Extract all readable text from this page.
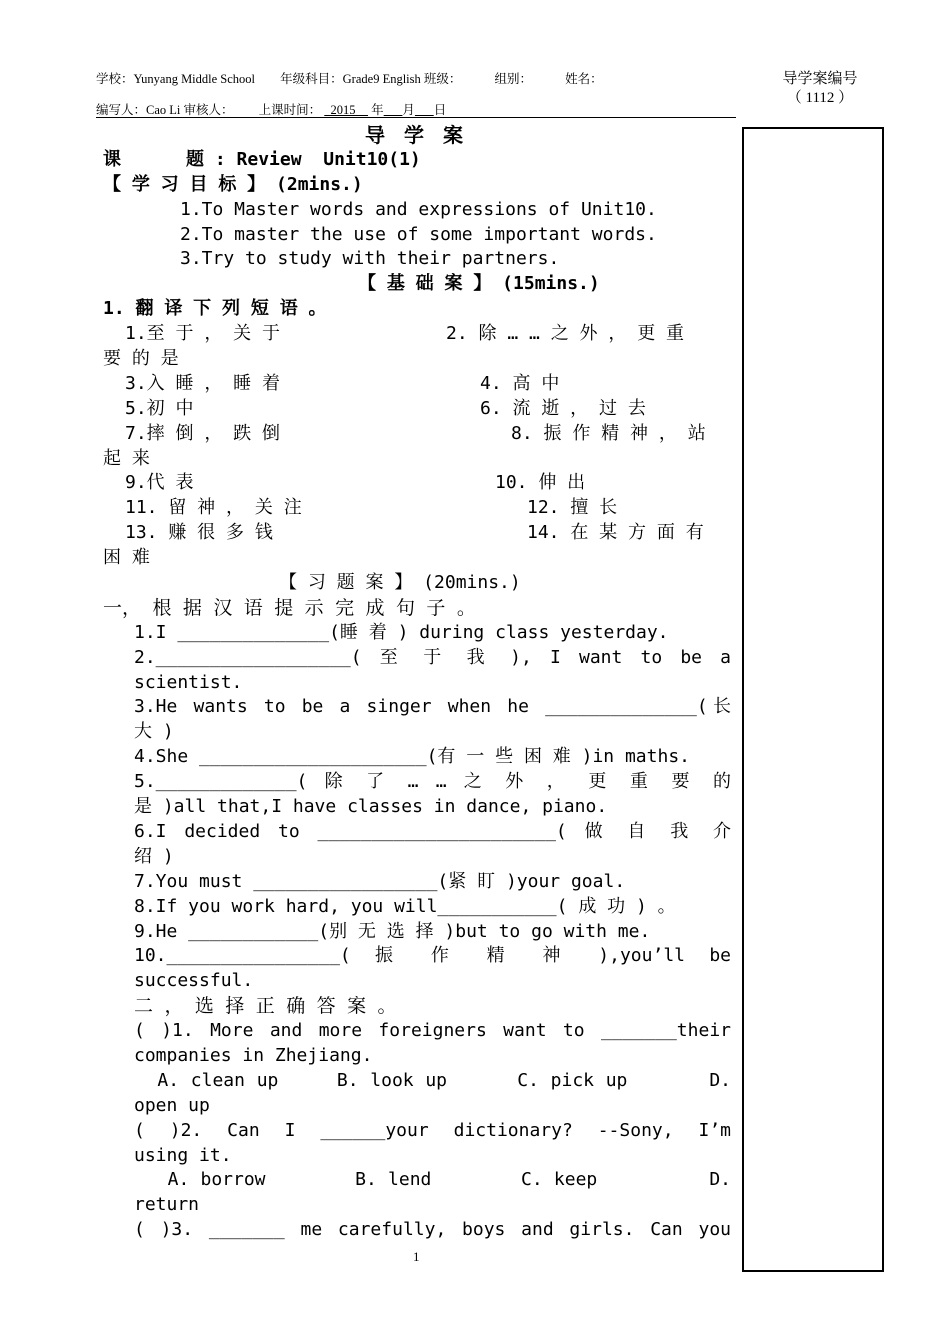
学校：Yunyang Middle School 年级科目：Grade9 English 班级：	组别：	姓名：
编写人：Cao Li 审核人： 上课时间： 2015 年 月 日
导学案编号
（ 1112 ）
导 学 案
课      题 : Review  Unit10(1)
【 学 习 目 标 】 (2mins.)
1.To Master words and expressions of Unit10.
2.To master the use of some important words.
3.Try to study with their partners.
【 基 础 案 】 (15mins.)
1. 翻 译 下 列 短 语 。
1.至 于 ， 关 于	2. 除 … … 之 外 ， 更 重
要 的 是
3.入 睡 ， 睡 着	4. 高 中
5.初 中	6. 流 逝 ， 过 去
7.摔 倒 ， 跌 倒	8. 振 作 精 神 ， 站
起 来
9.代 表	10. 伸 出
11. 留 神 ， 关 注	12. 擅 长
13. 赚 很 多 钱	14. 在 某 方 面 有
困 难
【 习 题 案 】 (20mins.)
一， 根 据 汉 语 提 示 完 成 句 子 。
1.I ______________(睡 着 ) during class yesterday.
2.__________________( 至 于 我 ), I want to be a
scientist.
3.He wants to be a singer when he ______________(长
大 )
4.She _____________________(有 一 些 困 难 )in maths.
5._____________( 除 了 … … 之 外 ， 更 重 要 的
是 )all that,I have classes in dance, piano.
6.I decided to ______________________( 做 自 我 介
绍 )
7.You must _________________(紧 盯 )your goal.
8.If you work hard, you will___________( 成 功 ) 。
9.He ____________(别 无 选 择 )but to go with me.
10.________________( 振 作 精 神 ),you’ll be
successful.
二 ， 选 择 正 确 答 案 。
( )1. More and more foreigners want to _______their
companies in Zhejiang.
A. clean up     B. look up      C. pick up       D.
open up
( )2. Can I ______your dictionary? --Sony, I’m
using it.
A. borrow        B. lend        C. keep          D.
return
( )3. _______ me carefully, boys and girls. Can you
1
